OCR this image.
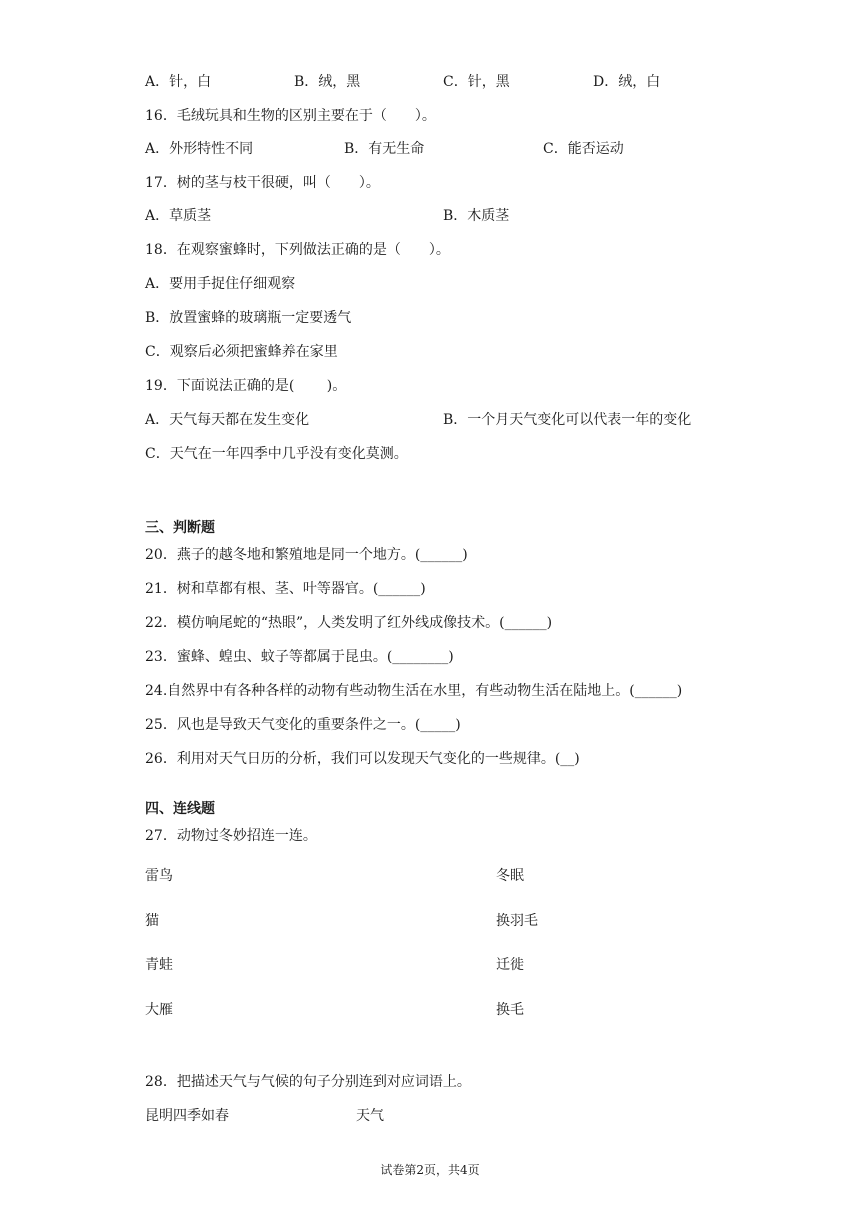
A．针，白	B．绒，黑	C．针，黑	D．绒，白
16．毛绒玩具和生物的区别主要在于（　　）。
A．外形特性不同	B．有无生命	C．能否运动
17．树的茎与枝干很硬，叫（　　）。
A．草质茎	B．木质茎
18．在观察蜜蜂时，下列做法正确的是（　　）。
A．要用手捉住仔细观察
B．放置蜜蜂的玻璃瓶一定要透气
C．观察后必须把蜜蜂养在家里
19．下面说法正确的是(　　 )。
A．天气每天都在发生变化	B．一个月天气变化可以代表一年的变化
C．天气在一年四季中几乎没有变化莫测。
三、判断题
20．燕子的越冬地和繁殖地是同一个地方。(______)
21．树和草都有根、茎、叶等器官。(______)
22．模仿响尾蛇的“热眼”，人类发明了红外线成像技术。(______)
23．蜜蜂、蝗虫、蚊子等都属于昆虫。(________)
24.自然界中有各种各样的动物有些动物生活在水里，有些动物生活在陆地上。(______)
25．风也是导致天气变化的重要条件之一。(_____)
26．利用对天气日历的分析，我们可以发现天气变化的一些规律。(__)
四、连线题
27．动物过冬妙招连一连。
雷鸟	冬眠
猫	换羽毛
青蛙	迁徙
大雁	换毛
28．把描述天气与气候的句子分别连到对应词语上。
昆明四季如春	天气
试卷第2页，共4页
